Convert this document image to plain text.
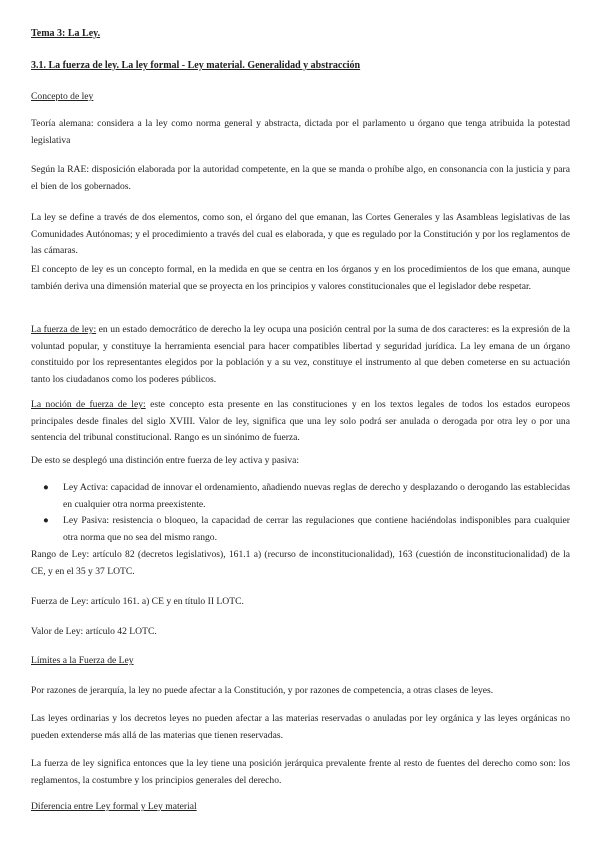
Tema 3: La Ley.
3.1. La fuerza de ley. La ley formal - Ley material. Generalidad y abstracción
Concepto de ley

Teoría alemana: considera a la ley como norma general y abstracta, dictada por el parlamento u órgano que tenga atribuida la potestad legislativa

Según la RAE: disposición elaborada por la autoridad competente, en la que se manda o prohíbe algo, en consonancia con la justicia y para el bien de los gobernados.

La ley se define a través de dos elementos, como son, el órgano del que emanan, las Cortes Generales y las Asambleas legislativas de las Comunidades Autónomas; y el procedimiento a través del cual es elaborada, y que es regulado por la Constitución y por los reglamentos de las cámaras.

El concepto de ley es un concepto formal, en la medida en que se centra en los órganos y en los procedimientos de los que emana, aunque también deriva una dimensión material que se proyecta en los principios y valores constitucionales que el legislador debe respetar.

La fuerza de ley: en un estado democrático de derecho la ley ocupa una posición central por la suma de dos caracteres: es la expresión de la voluntad popular, y constituye la herramienta esencial para hacer compatibles libertad y seguridad jurídica. La ley emana de un órgano constituido por los representantes elegidos por la población y a su vez, constituye el instrumento al que deben cometerse en su actuación tanto los ciudadanos como los poderes públicos.

La noción de fuerza de ley: este concepto esta presente en las constituciones y en los textos legales de todos los estados europeos principales desde finales del siglo XVIII. Valor de ley, significa que una ley solo podrá ser anulada o derogada por otra ley o por una sentencia del tribunal constitucional. Rango es un sinónimo de fuerza.

De esto se desplegó una distinción entre fuerza de ley activa y pasiva:

● Ley Activa: capacidad de innovar el ordenamiento, añadiendo nuevas reglas de derecho y desplazando o derogando las establecidas en cualquier otra norma preexistente.
● Ley Pasiva: resistencia o bloqueo, la capacidad de cerrar las regulaciones que contiene haciéndolas indisponibles para cualquier otra norma que no sea del mismo rango.

Rango de Ley: artículo 82 (decretos legislativos), 161.1 a) (recurso de inconstitucionalidad), 163 (cuestión de inconstitucionalidad) de la CE, y en el 35 y 37 LOTC.

Fuerza de Ley: artículo 161. a) CE y en título II LOTC.

Valor de Ley: artículo 42 LOTC.

Límites a la Fuerza de Ley

Por razones de jerarquía, la ley no puede afectar a la Constitución, y por razones de competencia, a otras clases de leyes.

Las leyes ordinarias y los decretos leyes no pueden afectar a las materias reservadas o anuladas por ley orgánica y las leyes orgánicas no pueden extenderse más allá de las materias que tienen reservadas.

La fuerza de ley significa entonces que la ley tiene una posición jerárquica prevalente frente al resto de fuentes del derecho como son: los reglamentos, la costumbre y los principios generales del derecho.

Diferencia entre Ley formal y Ley material
